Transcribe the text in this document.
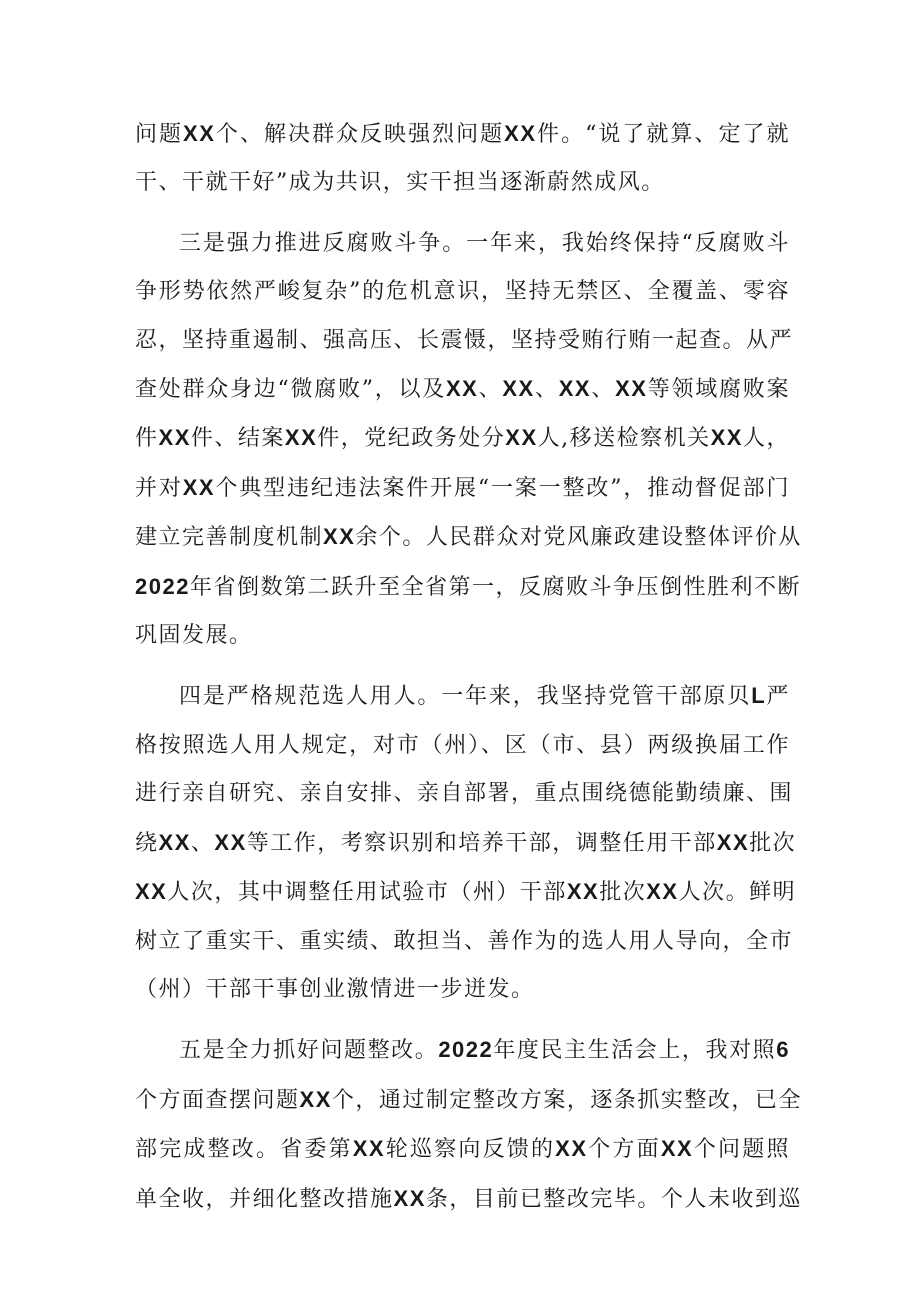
问题XX个、解决群众反映强烈问题XX件。“说了就算、定了就
干、干就干好”成为共识，实干担当逐渐蔚然成风。
三是强力推进反腐败斗争。一年来，我始终保持“反腐败斗
争形势依然严峻复杂”的危机意识，坚持无禁区、全覆盖、零容
忍，坚持重遏制、强高压、长震慑，坚持受贿行贿一起查。从严
查处群众身边“微腐败”，以及XX、XX、XX、XX等领域腐败案
件XX件、结案XX件，党纪政务处分XX人,移送检察机关XX人，
并对XX个典型违纪违法案件开展“一案一整改”，推动督促部门
建立完善制度机制XX余个。人民群众对党风廉政建设整体评价从
2022年省倒数第二跃升至全省第一，反腐败斗争压倒性胜利不断
巩固发展。
四是严格规范选人用人。一年来，我坚持党管干部原贝L严
格按照选人用人规定，对市（州）、区（市、县）两级换届工作
进行亲自研究、亲自安排、亲自部署，重点围绕德能勤绩廉、围
绕XX、XX等工作，考察识别和培养干部，调整任用干部XX批次
XX人次，其中调整任用试验市（州）干部XX批次XX人次。鲜明
树立了重实干、重实绩、敢担当、善作为的选人用人导向，全市
（州）干部干事创业激情进一步迸发。
五是全力抓好问题整改。2022年度民主生活会上，我对照6
个方面查摆问题XX个，通过制定整改方案，逐条抓实整改，已全
部完成整改。省委第XX轮巡察向反馈的XX个方面XX个问题照
单全收，并细化整改措施XX条，目前已整改完毕。个人未收到巡
